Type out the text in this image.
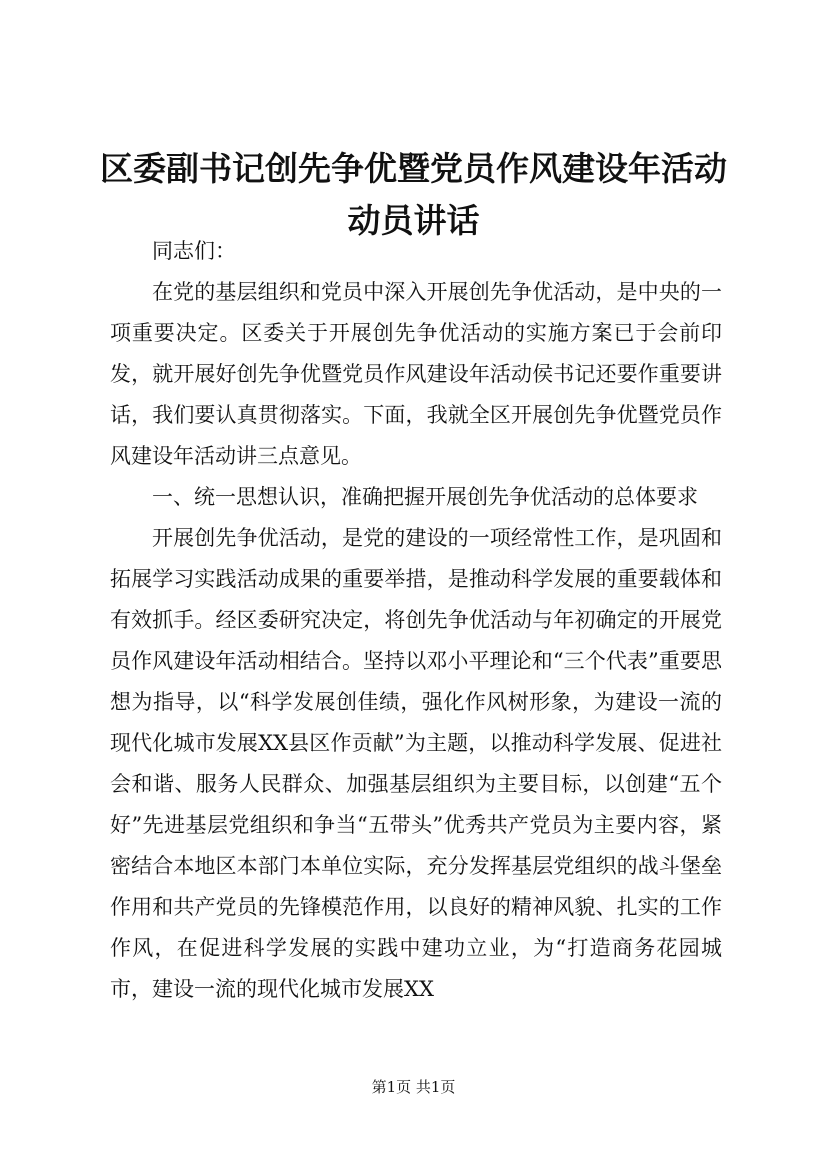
区委副书记创先争优暨党员作风建设年活动动员讲话

同志们：

在党的基层组织和党员中深入开展创先争优活动，是中央的一项重要决定。区委关于开展创先争优活动的实施方案已于会前印发，就开展好创先争优暨党员作风建设年活动侯书记还要作重要讲话，我们要认真贯彻落实。下面，我就全区开展创先争优暨党员作风建设年活动讲三点意见。

一、统一思想认识，准确把握开展创先争优活动的总体要求

开展创先争优活动，是党的建设的一项经常性工作，是巩固和拓展学习实践活动成果的重要举措，是推动科学发展的重要载体和有效抓手。经区委研究决定，将创先争优活动与年初确定的开展党员作风建设年活动相结合。坚持以邓小平理论和“三个代表”重要思想为指导，以“科学发展创佳绩，强化作风树形象，为建设一流的现代化城市发展XX县区作贡献”为主题，以推动科学发展、促进社会和谐、服务人民群众、加强基层组织为主要目标，以创建“五个好”先进基层党组织和争当“五带头”优秀共产党员为主要内容，紧密结合本地区本部门本单位实际，充分发挥基层党组织的战斗堡垒作用和共产党员的先锋模范作用，以良好的精神风貌、扎实的工作作风，在促进科学发展的实践中建功立业，为“打造商务花园城市，建设一流的现代化城市发展XX

第1页 共1页
